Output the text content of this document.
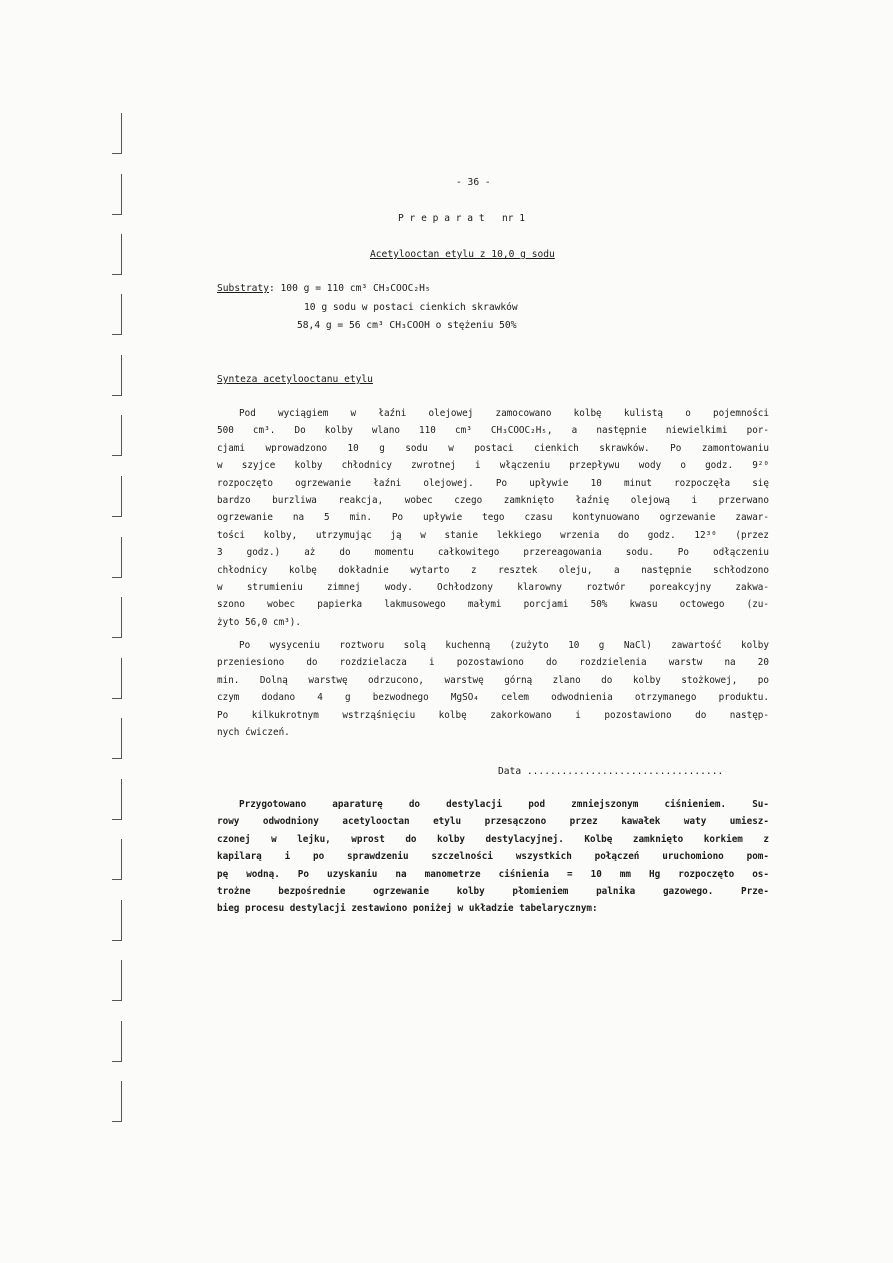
- 36 -
P r e p a r a t   nr 1
Acetylooctan etylu z 10,0 g sodu
Substraty: 100 g = 110 cm³ CH₃COOC₂H₅
10 g sodu w postaci cienkich skrawków
58,4 g = 56 cm³ CH₃COOH o stężeniu 50%
Synteza acetylooctanu etylu
Pod wyciągiem w łaźni olejowej zamocowano kolbę kulistą o pojemności
500 cm³. Do kolby wlano 110 cm³ CH₃COOC₂H₅, a następnie niewielkimi por-
cjami wprowadzono 10 g sodu w postaci cienkich skrawków. Po zamontowaniu
w szyjce kolby chłodnicy zwrotnej i włączeniu przepływu wody o godz. 9²⁰
rozpoczęto ogrzewanie łaźni olejowej. Po upływie 10 minut rozpoczęła się
bardzo burzliwa reakcja, wobec czego zamknięto łaźnię olejową i przerwano
ogrzewanie na 5 min. Po upływie tego czasu kontynuowano ogrzewanie zawar-
tości kolby, utrzymując ją w stanie lekkiego wrzenia do godz. 12³⁰ (przez
3 godz.) aż do momentu całkowitego przereagowania sodu. Po odłączeniu
chłodnicy kolbę dokładnie wytarto z resztek oleju, a następnie schłodzono
w strumieniu zimnej wody. Ochłodzony klarowny roztwór poreakcyjny zakwa-
szono wobec papierka lakmusowego małymi porcjami 50% kwasu octowego (zu-
żyto 56,0 cm³).
Po wysyceniu roztworu solą kuchenną (zużyto 10 g NaCl) zawartość kolby
przeniesiono do rozdzielacza i pozostawiono do rozdzielenia warstw na 20
min. Dolną warstwę odrzucono, warstwę górną zlano do kolby stożkowej, po
czym dodano 4 g bezwodnego MgSO₄ celem odwodnienia otrzymanego produktu.
Po kilkukrotnym wstrząśnięciu kolbę zakorkowano i pozostawiono do następ-
nych ćwiczeń.
Data ..................................
Przygotowano aparaturę do destylacji pod zmniejszonym ciśnieniem. Su-
rowy odwodniony acetylooctan etylu przesączono przez kawałek waty umiesz-
czonej w lejku, wprost do kolby destylacyjnej. Kolbę zamknięto korkiem z
kapilarą i po sprawdzeniu szczelności wszystkich połączeń uruchomiono pom-
pę wodną. Po uzyskaniu na manometrze ciśnienia = 10 mm Hg rozpoczęto os-
trożne bezpośrednie ogrzewanie kolby płomieniem palnika gazowego. Prze-
bieg procesu destylacji zestawiono poniżej w układzie tabelarycznym:
